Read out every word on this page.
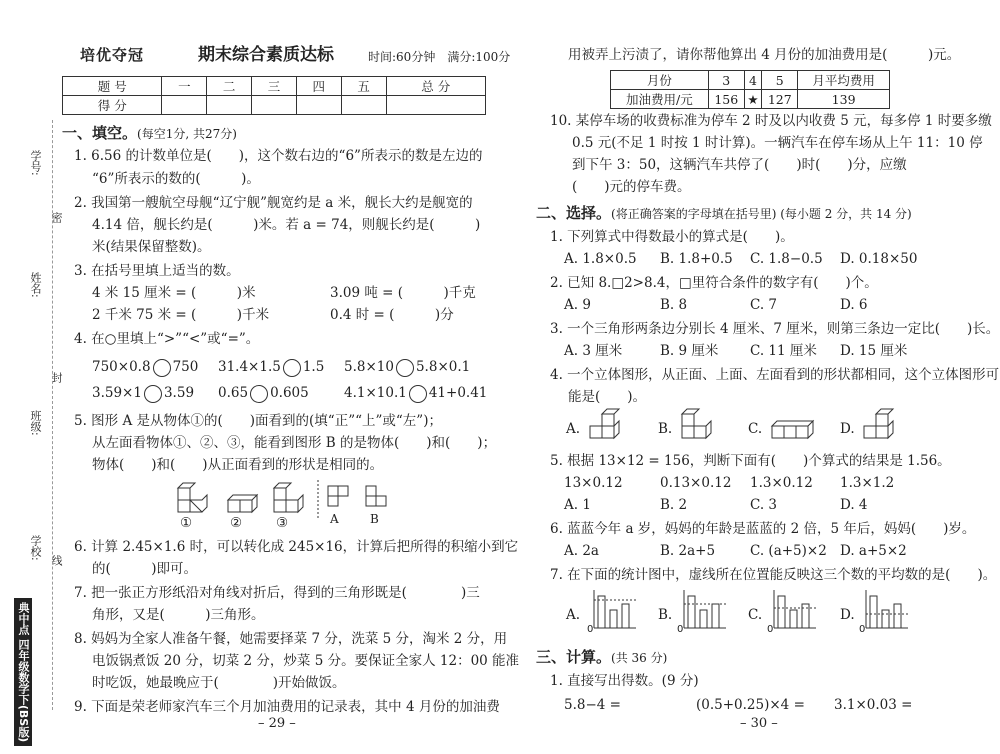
学号:
密
姓名:
封
班级:
学校: 线
典中点 四年级数学下(BS版)
培优夺冠	期末综合素质达标	时间:60分钟　满分:100分
题 号	一	二	三	四	五	总 分
得 分						
一、填空。(每空1分, 共27分)
1. 6.56 的计数单位是(　　)，这个数右边的“6”所表示的数是左边的
“6”所表示的数的(　　　)。
2. 我国第一艘航空母舰“辽宁舰”舰宽约是 a 米，舰长大约是舰宽的
4.14 倍，舰长约是(　　　)米。若 a = 74，则舰长约是(　　　)
米(结果保留整数)。
3. 在括号里填上适当的数。
4 米 15 厘米 = (　　　)米	3.09 吨 = (　　　)千克
2 千米 75 米 = (　　　)千米	0.4 时 = (　　　)分
4. 在○里填上“>”“<”或“=”。
750×0.8 750 31.4×1.5 1.5 5.8×10 5.8×0.1
3.59×1 3.59 0.65 0.605	4.1×10.1 41+0.41
5. 图形 A 是从物体①的(　　)面看到的(填“正”“上”或“左”)；
从左面看物体①、②、③，能看到图形 B 的是物体(　　)和(　　)；
物体(　　)和(　　)从正面看到的形状是相同的。
①	②	③	A	B
6. 计算 2.45×1.6 时，可以转化成 245×16，计算后把所得的积缩小到它
的(　　　)即可。
7. 把一张正方形纸沿对角线对折后，得到的三角形既是(　　　　)三
角形，又是(　　　)三角形。
8. 妈妈为全家人准备午餐，她需要择菜 7 分，洗菜 5 分，淘米 2 分，用
电饭锅煮饭 20 分，切菜 2 分，炒菜 5 分。要保证全家人 12：00 能准
时吃饭，她最晚应于(　　　　)开始做饭。
9. 下面是荣老师家汽车三个月加油费用的记录表，其中 4 月份的加油费
– 29 –
用被弄上污渍了，请你帮他算出 4 月份的加油费用是(　　　)元。
月份	3	4	5	月平均费用
加油费用/元	156	★	127	139
10. 某停车场的收费标准为停车 2 时及以内收费 5 元，每多停 1 时要多缴
0.5 元(不足 1 时按 1 时计算)。一辆汽车在停车场从上午 11：10 停
到下午 3：50，这辆汽车共停了(　　)时(　　)分，应缴
(　　)元的停车费。
二、选择。(将正确答案的字母填在括号里) (每小题 2 分，共 14 分)
1. 下列算式中得数最小的算式是(　　)。
A. 1.8×0.5 B. 1.8+0.5 C. 1.8−0.5 D. 0.18×50
2. 已知 8.□2>8.4，□里符合条件的数字有(　　)个。
A. 9	B. 8	C. 7	D. 6
3. 一个三角形两条边分别长 4 厘米、7 厘米，则第三条边一定比(　　)长。
A. 3 厘米	B. 9 厘米 C. 11 厘米 D. 15 厘米
4. 一个立体图形，从正面、上面、左面看到的形状都相同，这个立体图形可
能是(　　)。
A.	B.	C.	D.
5. 根据 13×12 = 156，判断下面有(　　)个算式的结果是 1.56。
13×0.12	0.13×0.12 1.3×0.12 1.3×1.2
A. 1	B. 2	C. 3	D. 4
6. 蓝蓝今年 a 岁，妈妈的年龄是蓝蓝的 2 倍，5 年后，妈妈(　　)岁。
A. 2a	B. 2a+5	C. (a+5)×2 D. a+5×2
7. 在下面的统计图中，虚线所在位置能反映这三个数的平均数的是(　　)。
A.	B.	C.	D.
0	0	0	0
三、计算。(共 36 分)
1. 直接写出得数。(9 分)
5.8−4 =	(0.5+0.25)×4 = 3.1×0.03 =
– 30 –
